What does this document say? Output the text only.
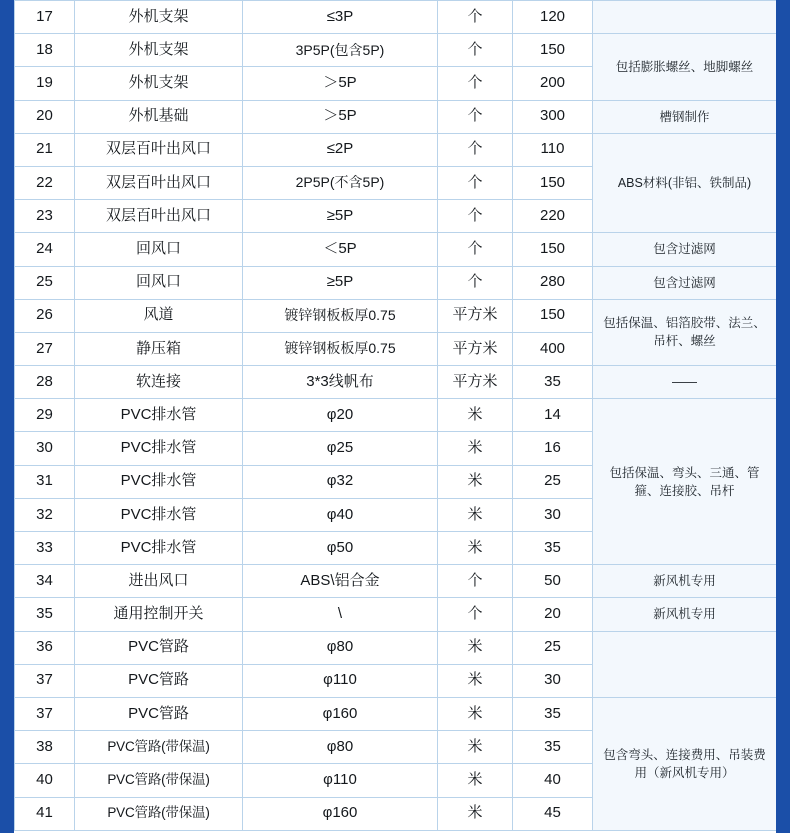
17	外机支架	≤3P	个	120	
18	外机支架	3P5P(包含5P)	个	150	包括膨胀螺丝、地脚螺丝
19	外机支架	＞5P	个	200	
20	外机基础	＞5P	个	300	槽钢制作
21	双层百叶出风口	≤2P	个	110	ABS材料(非铝、铁制品)
22	双层百叶出风口	2P5P(不含5P)	个	150	
23	双层百叶出风口	≥5P	个	220	
24	回风口	＜5P	个	150	包含过滤网
25	回风口	≥5P	个	280	包含过滤网
26	风道	镀锌钢板板厚0.75	平方米	150	包括保温、铝箔胶带、法兰、吊杆、螺丝
27	静压箱	镀锌钢板板厚0.75	平方米	400	
28	软连接	3*3线帆布	平方米	35	——
29	PVC排水管	φ20	米	14	包括保温、弯头、三通、管箍、连接胶、吊杆
30	PVC排水管	φ25	米	16	
31	PVC排水管	φ32	米	25	
32	PVC排水管	φ40	米	30	
33	PVC排水管	φ50	米	35	
34	进出风口	ABS\铝合金	个	50	新风机专用
35	通用控制开关	\	个	20	新风机专用
36	PVC管路	φ80	米	25	
37	PVC管路	φ110	米	30	
37	PVC管路	φ160	米	35	包含弯头、连接费用、吊装费用（新风机专用）
38	PVC管路(带保温)	φ80	米	35	
40	PVC管路(带保温)	φ110	米	40	
41	PVC管路(带保温)	φ160	米	45	
